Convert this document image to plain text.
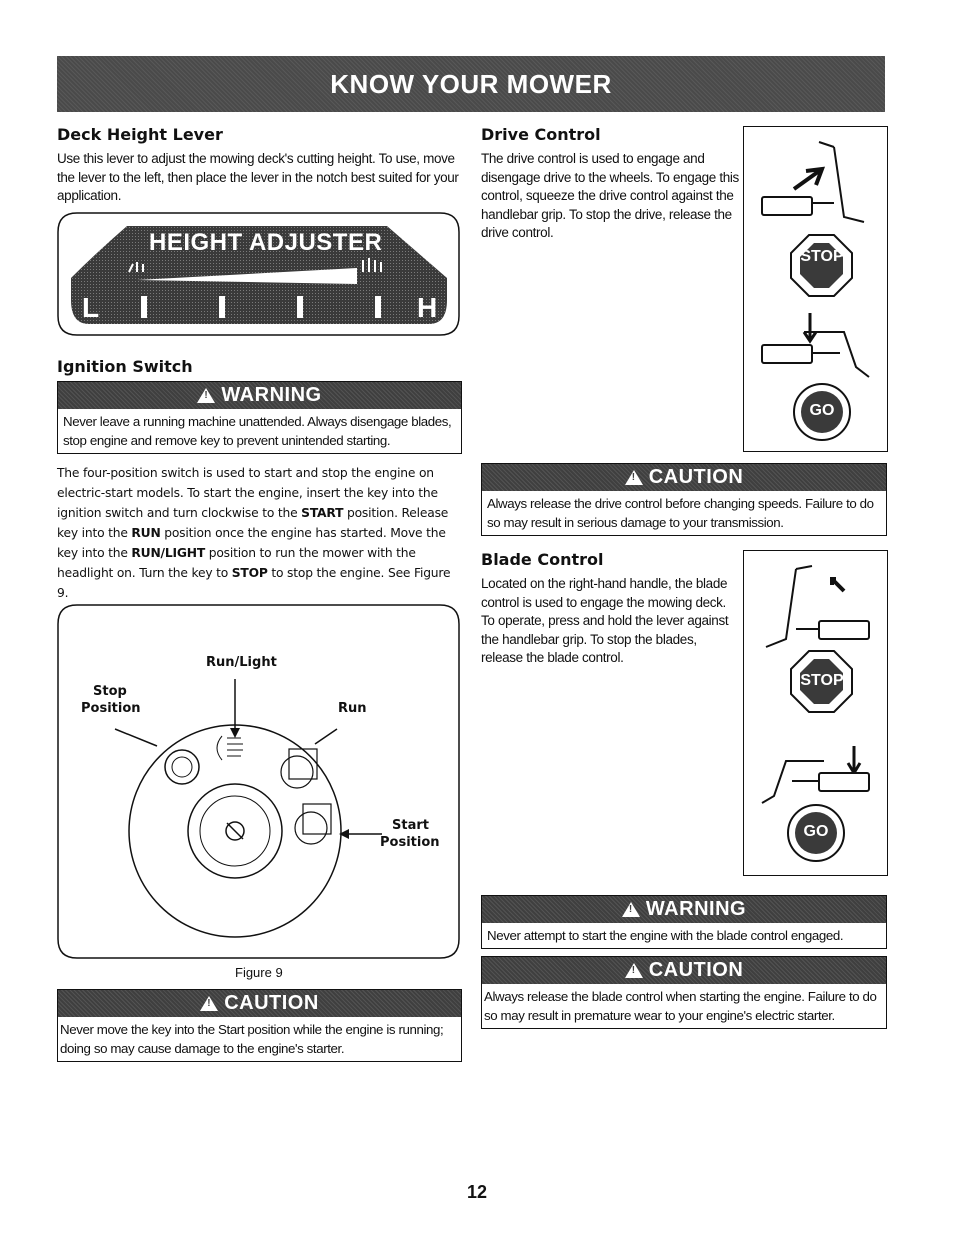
KNOW YOUR MOWER
Deck Height Lever
Use this lever to adjust the mowing deck's cutting height. To use, move the lever to the left, then place the lever in the notch best suited for your application.
HEIGHT ADJUSTER
L	H
Ignition Switch
!
WARNING
Never leave a running machine unattended. Always disengage blades, stop engine and remove key to prevent unintended starting.
The four-position switch is used to start and stop the engine on electric-start models. To start the engine, insert the key into the ignition switch and turn clockwise to the START position. Release key into the RUN position once the engine has started. Move the key into the RUN/LIGHT position to run the mower with the headlight on. Turn the key to STOP to stop the engine. See Figure 9.
Run/Light
Stop
Position	Run
Start
Position
Figure 9
!
CAUTION
Never move the key into the Start position while the engine is running; doing so may cause damage to the engine's starter.
Drive Control
The drive control is used to engage and disengage drive to the wheels. To engage this control, squeeze the drive control against the handlebar grip. To stop the drive, release the drive control.
STOP
GO
!
CAUTION
Always release the drive control before changing speeds. Failure to do so may result in serious damage to your transmission.
Blade Control
Located on the right-hand handle, the blade control is used to engage the mowing deck. To operate, press and hold the lever against the handlebar grip. To stop the blades, release the blade control.
STOP
GO
!
WARNING
Never attempt to start the engine with the blade control engaged.
!
CAUTION
Always release the blade control when starting the engine. Failure to do so may result in premature wear to your engine's electric starter.
12
